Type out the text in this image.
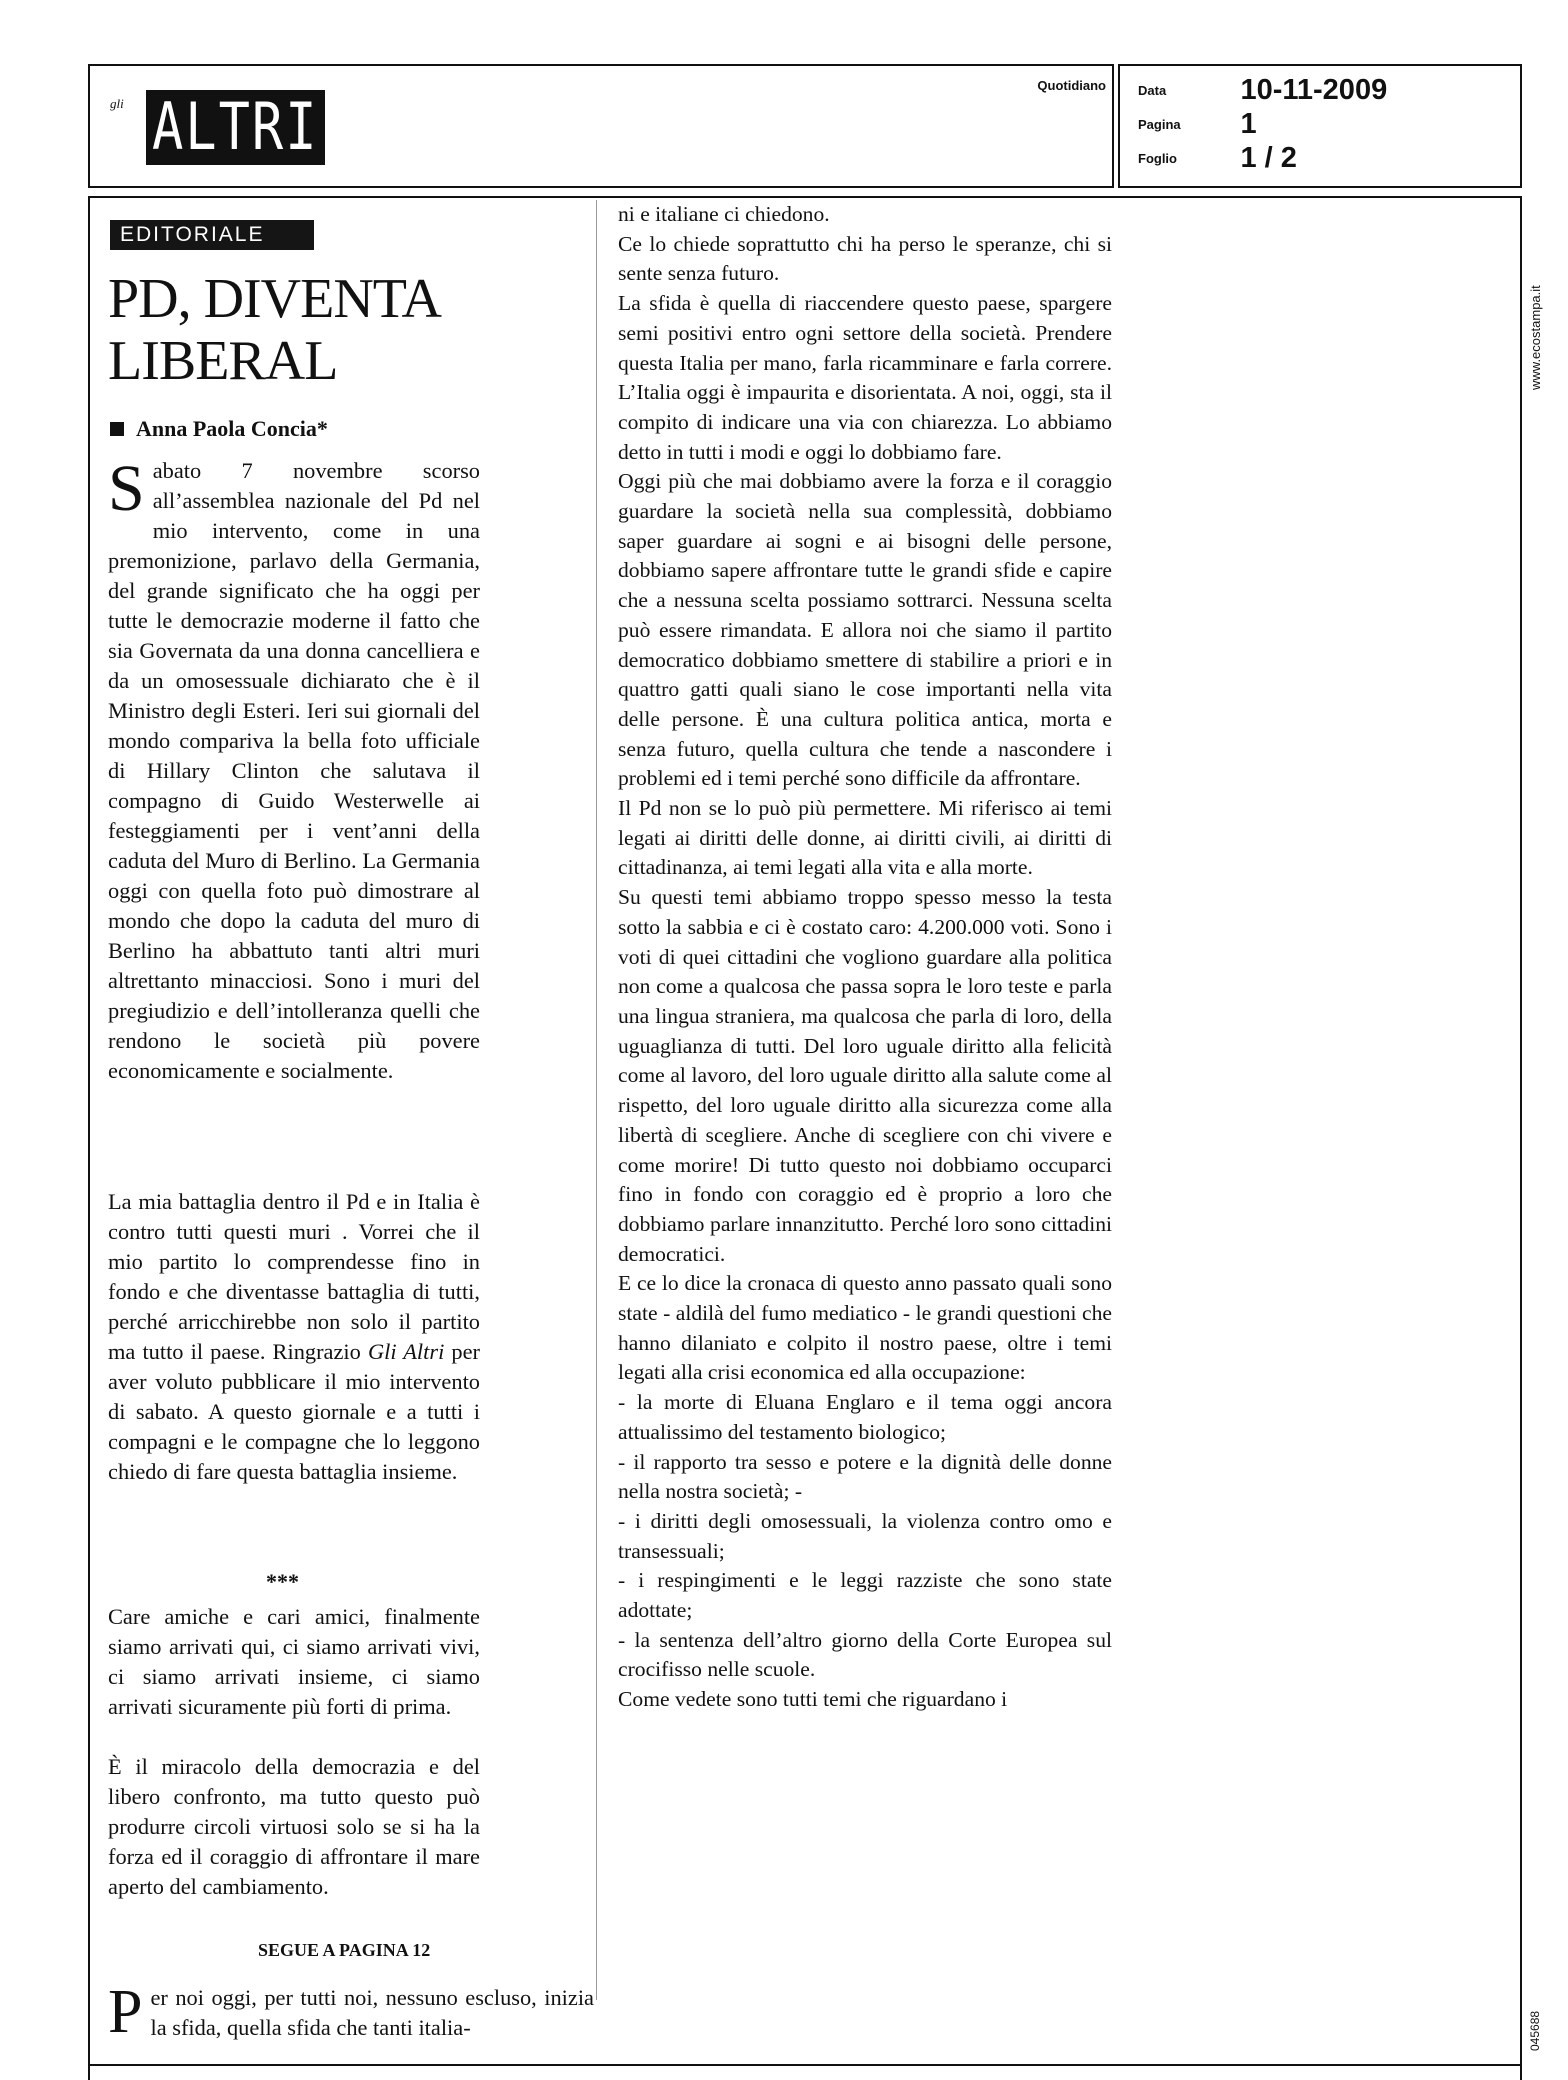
gli ALTRI
Quotidiano Data	10-11-2009
Pagina 1
Foglio 1 / 2
www.ecostampa.it
045688
EDITORIALE
PD, DIVENTA
LIBERAL
Anna Paola Concia*

Sabato 7 novembre scorso all’assemblea nazionale del Pd nel mio intervento, come in una premonizione, parlavo della Germania, del grande significato che ha oggi per tutte le democrazie moderne il fatto che sia Governata da una donna cancelliera e da un omosessuale dichiarato che è il Ministro degli Esteri. Ieri sui giornali del mondo compariva la bella foto ufficiale di Hillary Clinton che salutava il compagno di Guido Westerwelle ai festeggiamenti per i vent’anni della caduta del Muro di Berlino. La Germania oggi con quella foto può dimostrare al mondo che dopo la caduta del muro di Berlino ha abbattuto tanti altri muri altrettanto minacciosi. Sono i muri del pregiudizio e dell’intolleranza quelli che rendono le società più povere economicamente e socialmente.

La mia battaglia dentro il Pd e in Italia è contro tutti questi muri . Vorrei che il mio partito lo comprendesse fino in fondo e che diventasse battaglia di tutti, perché arricchirebbe non solo il partito ma tutto il paese. Ringrazio Gli Altri per aver voluto pubblicare il mio intervento di sabato. A questo giornale e a tutti i compagni e le compagne che lo leggono chiedo di fare questa battaglia insieme.

***

Care amiche e cari amici, finalmente siamo arrivati qui, ci siamo arrivati vivi, ci siamo arrivati insieme, ci siamo arrivati sicuramente più forti di prima.

È il miracolo della democrazia e del libero confronto, ma tutto questo può produrre circoli virtuosi solo se si ha la forza ed il coraggio di affrontare il mare aperto del cambiamento.

SEGUE A PAGINA 12

Per noi oggi, per tutti noi, nessuno escluso, inizia la sfida, quella sfida che tanti italia-

ni e italiane ci chiedono.

Ce lo chiede soprattutto chi ha perso le speranze, chi si sente senza futuro.

La sfida è quella di riaccendere questo paese, spargere semi positivi entro ogni settore della società. Prendere questa Italia per mano, farla ricamminare e farla correre. L’Italia oggi è impaurita e disorientata. A noi, oggi, sta il compito di indicare una via con chiarezza. Lo abbiamo detto in tutti i modi e oggi lo dobbiamo fare.

Oggi più che mai dobbiamo avere la forza e il coraggio guardare la società nella sua complessità, dobbiamo saper guardare ai sogni e ai bisogni delle persone, dobbiamo sapere affrontare tutte le grandi sfide e capire che a nessuna scelta possiamo sottrarci. Nessuna scelta può essere rimandata. E allora noi che siamo il partito democratico dobbiamo smettere di stabilire a priori e in quattro gatti quali siano le cose importanti nella vita delle persone. È una cultura politica antica, morta e senza futuro, quella cultura che tende a nascondere i problemi ed i temi perché sono difficile da affrontare.

Il Pd non se lo può più permettere. Mi riferisco ai temi legati ai diritti delle donne, ai diritti civili, ai diritti di cittadinanza, ai temi legati alla vita e alla morte.

Su questi temi abbiamo troppo spesso messo la testa sotto la sabbia e ci è costato caro: 4.200.000 voti. Sono i voti di quei cittadini che vogliono guardare alla politica non come a qualcosa che passa sopra le loro teste e parla una lingua straniera, ma qualcosa che parla di loro, della uguaglianza di tutti. Del loro uguale diritto alla felicità come al lavoro, del loro uguale diritto alla salute come al rispetto, del loro uguale diritto alla sicurezza come alla libertà di scegliere. Anche di scegliere con chi vivere e come morire! Di tutto questo noi dobbiamo occuparci fino in fondo con coraggio ed è proprio a loro che dobbiamo parlare innanzitutto. Perché loro sono cittadini democratici.

E ce lo dice la cronaca di questo anno passato quali sono state - aldilà del fumo mediatico - le grandi questioni che hanno dilaniato e colpito il nostro paese, oltre i temi legati alla crisi economica ed alla occupazione:

- la morte di Eluana Englaro e il tema oggi ancora attualissimo del testamento biologico;

- il rapporto tra sesso e potere e la dignità delle donne nella nostra società; -

- i diritti degli omosessuali, la violenza contro omo e transessuali;

- i respingimenti e le leggi razziste che sono state adottate;

- la sentenza dell’altro giorno della Corte Europea sul crocifisso nelle scuole.

Come vedete sono tutti temi che riguardano i
